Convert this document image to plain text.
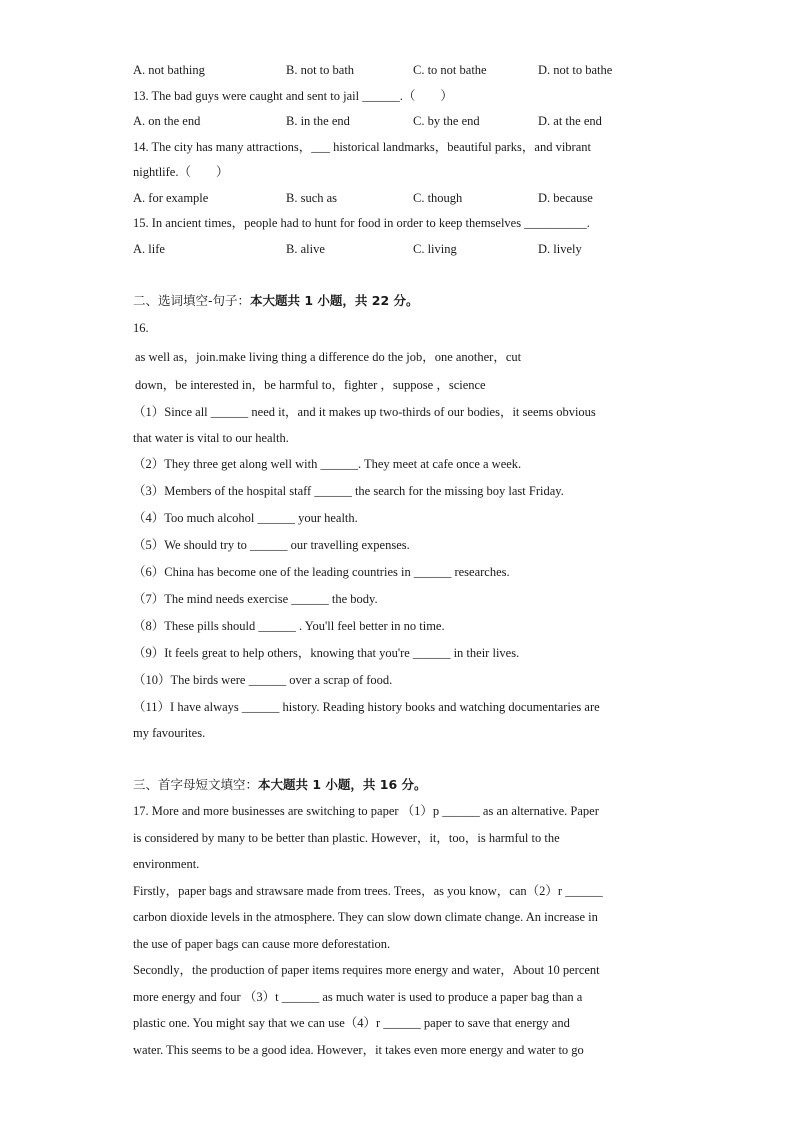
A. not bathing	B. not to bath	C. to not bathe	D. not to bathe
13. The bad guys were caught and sent to jail ______.（　　）
A. on the end	B. in the end	C. by the end	D. at the end
14. The city has many attractions，___ historical landmarks，beautiful parks，and vibrant
nightlife.（　　）
A. for example	B. such as	C. though	D. because
15. In ancient times，people had to hunt for food in order to keep themselves __________.
A. life	B. alive	C. living	D. lively
二、选词填空-句子：本大题共 1 小题，共 22 分。
16.
as well as，join.make living thing a difference do the job，one another，cut
down，be interested in，be harmful to，fighter ，suppose ，science
（1）Since all ______ need it，and it makes up two-thirds of our bodies，it seems obvious
that water is vital to our health.
（2）They three get along well with ______. They meet at cafe once a week.
（3）Members of the hospital staff ______ the search for the missing boy last Friday.
（4）Too much alcohol ______ your health.
（5）We should try to ______ our travelling expenses.
（6）China has become one of the leading countries in ______ researches.
（7）The mind needs exercise ______ the body.
（8）These pills should ______ . You'll feel better in no time.
（9）It feels great to help others，knowing that you're ______ in their lives.
（10）The birds were ______ over a scrap of food.
（11）I have always ______ history. Reading history books and watching documentaries are
my favourites.
三、首字母短文填空：本大题共 1 小题，共 16 分。
17. More and more businesses are switching to paper （1）p ______ as an alternative. Paper
is considered by many to be better than plastic. However，it，too，is harmful to the
environment.
Firstly，paper bags and strawsare made from trees. Trees，as you know，can（2）r ______
carbon dioxide levels in the atmosphere. They can slow down climate change. An increase in
the use of paper bags can cause more deforestation.
Secondly，the production of paper items requires more energy and water，About 10 percent
more energy and four （3）t ______ as much water is used to produce a paper bag than a
plastic one. You might say that we can use（4）r ______ paper to save that energy and
water. This seems to be a good idea. However，it takes even more energy and water to go
